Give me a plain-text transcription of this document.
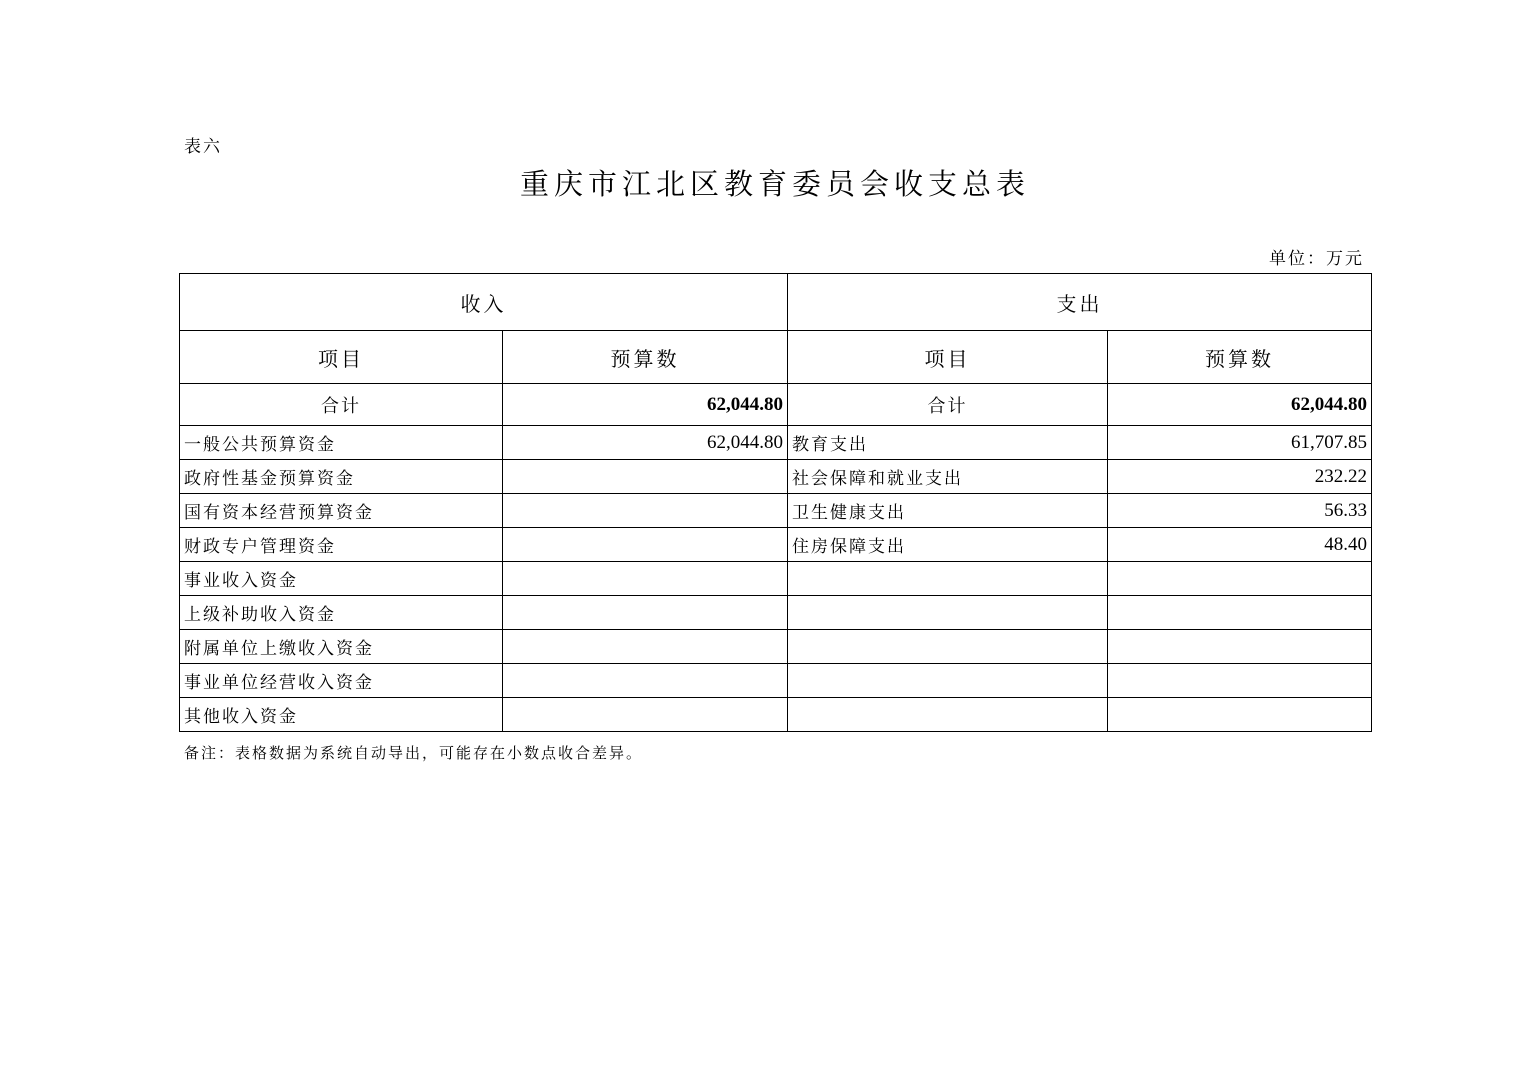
表六
重庆市江北区教育委员会收支总表
单位：万元
收入		支出	
项目	预算数	项目	预算数
合计	62,044.80	合计	62,044.80
一般公共预算资金	62,044.80	教育支出	61,707.85
政府性基金预算资金		社会保障和就业支出	232.22
国有资本经营预算资金		卫生健康支出	56.33
财政专户管理资金		住房保障支出	48.40
事业收入资金			
上级补助收入资金			
附属单位上缴收入资金			
事业单位经营收入资金			
其他收入资金			
备注：表格数据为系统自动导出，可能存在小数点收合差异。
